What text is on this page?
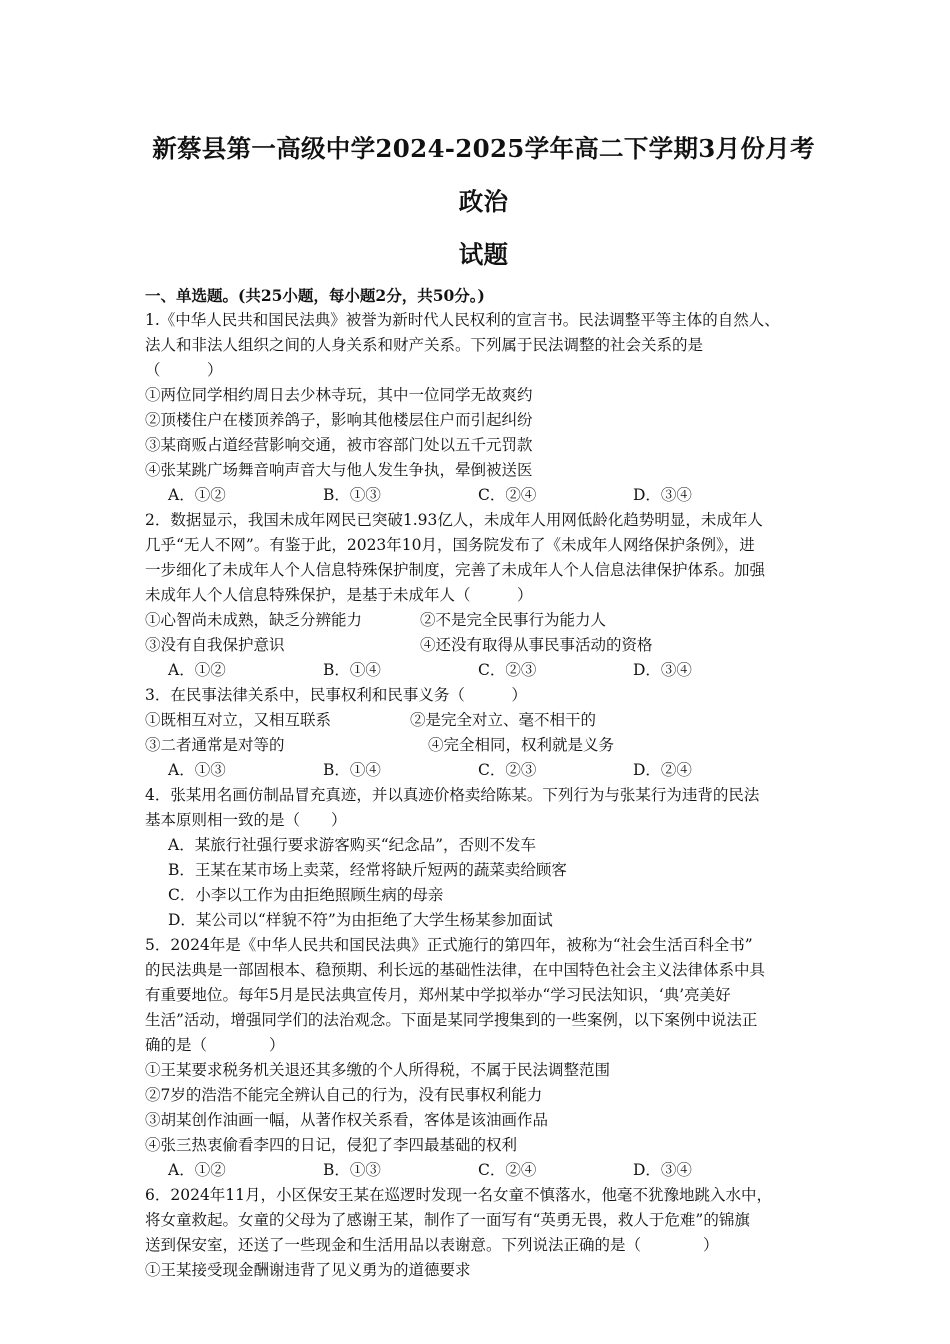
新蔡县第一高级中学2024-2025学年高二下学期3月份月考政治

试题

一、单选题。(共25小题，每小题2分，共50分。)

1.《中华人民共和国民法典》被誉为新时代人民权利的宣言书。民法调整平等主体的自然人、

法人和非法人组织之间的人身关系和财产关系。下列属于民法调整的社会关系的是

（　　　）

①两位同学相约周日去少林寺玩，其中一位同学无故爽约

②顶楼住户在楼顶养鸽子，影响其他楼层住户而引起纠纷

③某商贩占道经营影响交通，被市容部门处以五千元罚款

④张某跳广场舞音响声音大与他人发生争执，晕倒被送医

A．①②	B．①③	C．②④	D．③④

2．数据显示，我国未成年网民已突破1.93亿人，未成年人用网低龄化趋势明显，未成年人

几乎“无人不网”。有鉴于此，2023年10月，国务院发布了《未成年人网络保护条例》，进

一步细化了未成年人个人信息特殊保护制度，完善了未成年人个人信息法律保护体系。加强

未成年人个人信息特殊保护，是基于未成年人（　　　）

①心智尚未成熟，缺乏分辨能力	②不是完全民事行为能力人
③没有自我保护意识	④还没有取得从事民事活动的资格
A．①②	B．①④	C．②③	D．③④

3．在民事法律关系中，民事权利和民事义务（　　　）

①既相互对立，又相互联系	②是完全对立、毫不相干的
③二者通常是对等的	④完全相同，权利就是义务
A．①③	B．①④	C．②③	D．②④

4．张某用名画仿制品冒充真迹，并以真迹价格卖给陈某。下列行为与张某行为违背的民法

基本原则相一致的是（　　）

A．某旅行社强行要求游客购买“纪念品”，否则不发车

B．王某在某市场上卖菜，经常将缺斤短两的蔬菜卖给顾客

C．小李以工作为由拒绝照顾生病的母亲

D．某公司以“样貌不符”为由拒绝了大学生杨某参加面试

5．2024年是《中华人民共和国民法典》正式施行的第四年，被称为“社会生活百科全书”

的民法典是一部固根本、稳预期、利长远的基础性法律，在中国特色社会主义法律体系中具

有重要地位。每年5月是民法典宣传月，郑州某中学拟举办“学习民法知识，‘典’亮美好

生活”活动，增强同学们的法治观念。下面是某同学搜集到的一些案例，以下案例中说法正

确的是（　　　　）

①王某要求税务机关退还其多缴的个人所得税，不属于民法调整范围

②7岁的浩浩不能完全辨认自己的行为，没有民事权利能力

③胡某创作油画一幅，从著作权关系看，客体是该油画作品

④张三热衷偷看李四的日记，侵犯了李四最基础的权利

A．①②	B．①③	C．②④	D．③④

6．2024年11月，小区保安王某在巡逻时发现一名女童不慎落水，他毫不犹豫地跳入水中，

将女童救起。女童的父母为了感谢王某，制作了一面写有“英勇无畏，救人于危难”的锦旗

送到保安室，还送了一些现金和生活用品以表谢意。下列说法正确的是（　　　　）

①王某接受现金酬谢违背了见义勇为的道德要求
